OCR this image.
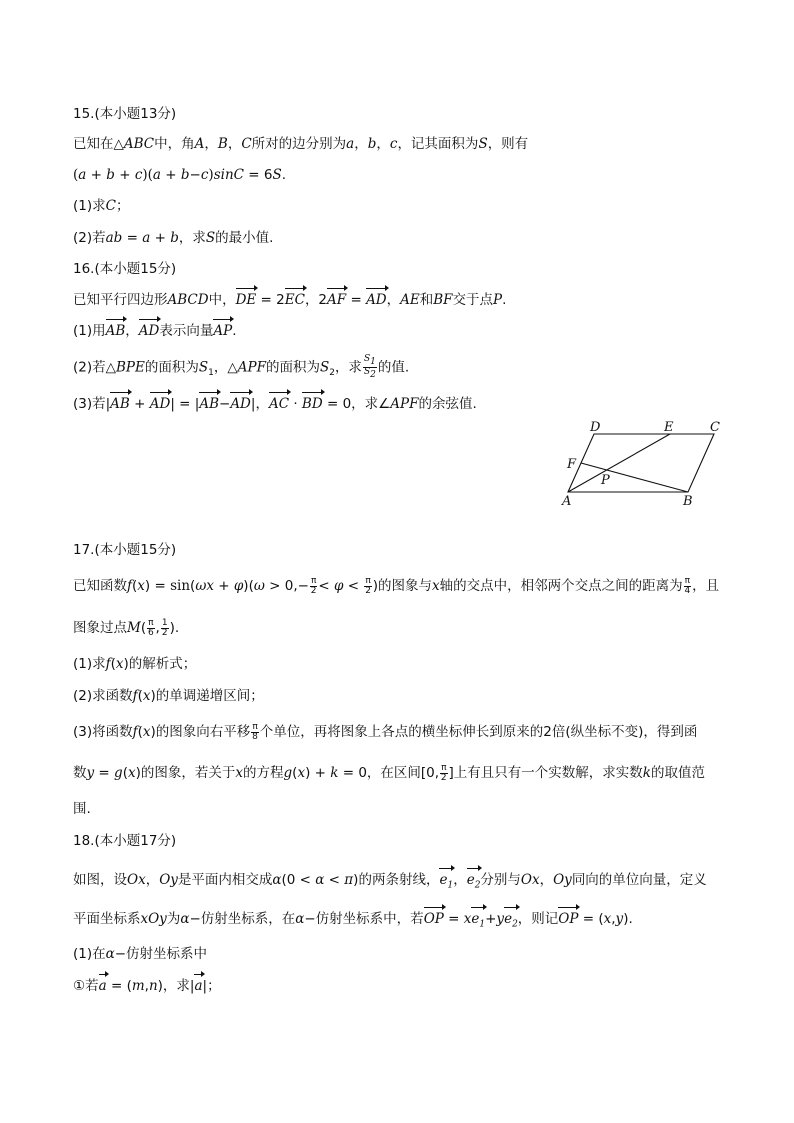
15.(本小题13分)
已知在△ABC中，角A，B，C所对的边分别为a，b，c，记其面积为S，则有
(a + b + c)(a + b−c)sinC = 6S.
(1)求C；
(2)若ab = a + b，求S的最小值.
16.(本小题15分)
已知平行四边形ABCD中，DE = 2EC，2AF = AD，AE和BF交于点P.
(1)用AB，AD表示向量AP.
(2)若△BPE的面积为$S_1$，△APF的面积为$S_2$，求 $\frac{S_1}{S_2}$ 的值.
(3)若|AB + AD| = |AB−AD|，AC · BD = 0，求∠APF的余弦值.
D	E	C
F
P
A	B
17.(本小题15分)
已知函数$f(x) = \sin(\omega x + \varphi)(\omega > 0,- \frac{\pi}{2} < \varphi < \frac{\pi}{2}$ )的图象与x轴的交点中，相邻两个交点之间的距离为 $\frac{\pi}{4}$ ，且
图象过点$M( \frac{\pi}{6}$ , $\frac{1}{2}$ ).
(1)求f(x)的解析式；
(2)求函数f(x)的单调递增区间；
(3)将函数f(x)的图象向右平移 $\frac{\pi}{8}$ 个单位，再将图象上各点的横坐标伸长到原来的2倍(纵坐标不变)，得到函
数y = g(x)的图象，若关于x的方程g(x) + k = 0，在区间[0, $\frac{\pi}{2}$ ]上有且只有一个实数解，求实数k的取值范
围.
18.(本小题17分)
如图，设Ox，Oy是平面内相交成α(0 < α < π)的两条射线，$e_1$，$e_2$分别与Ox，Oy同向的单位向量，定义
平面坐标系xOy为α−仿射坐标系，在α−仿射坐标系中，若OP = $xe_1+ye_2$，则记OP = (x,y).
(1)在α−仿射坐标系中
①若a = (m,n)，求|a|；
